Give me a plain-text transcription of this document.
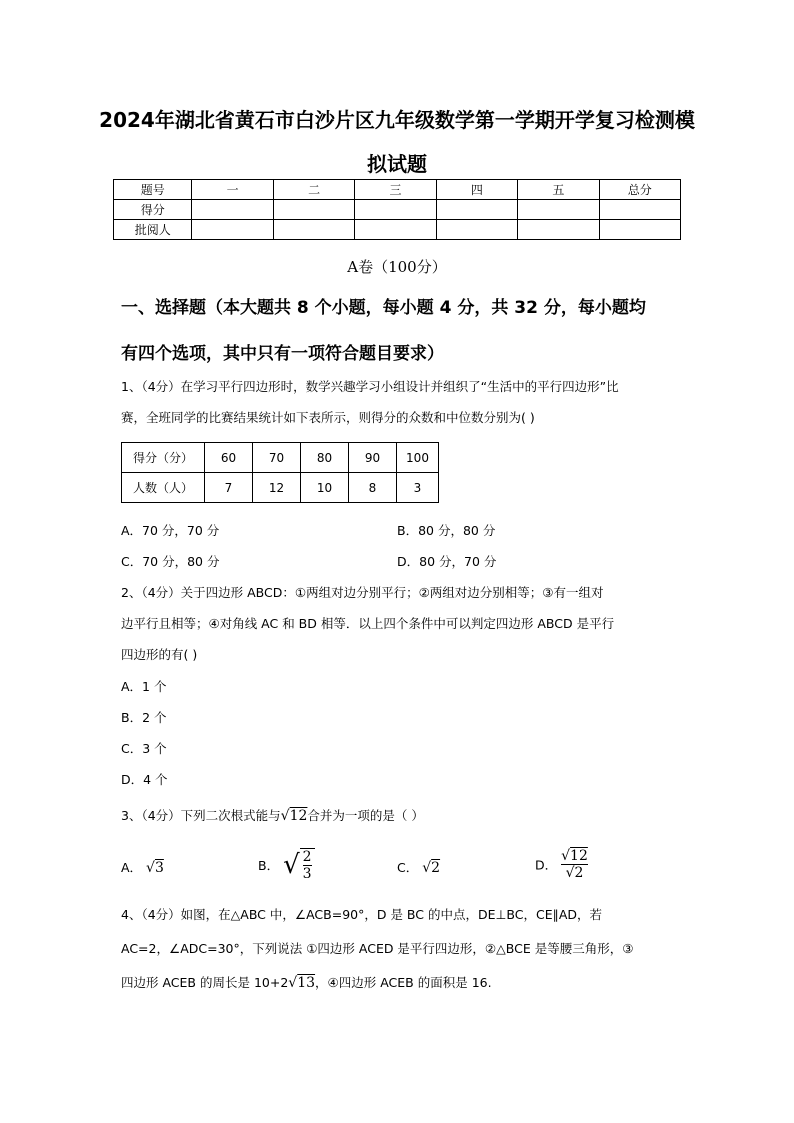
2024年湖北省黄石市白沙片区九年级数学第一学期开学复习检测模
拟试题
题号	一	二	三	四	五	总分
得分						
批阅人						
A卷（100分）
一、选择题（本大题共 8 个小题，每小题 4 分，共 32 分，每小题均
有四个选项，其中只有一项符合题目要求）
1、（4分）在学习平行四边形时，数学兴趣学习小组设计并组织了“生活中的平行四边形”比
赛，全班同学的比赛结果统计如下表所示，则得分的众数和中位数分别为( )
得分（分）	60	70	80	90	100
人数（人）	7	12	10	8	3
A．70 分，70 分	B．80 分，80 分
C．70 分，80 分	D．80 分，70 分
2、（4分）关于四边形 ABCD：①两组对边分别平行；②两组对边分别相等；③有一组对
边平行且相等；④对角线 AC 和 BD 相等．以上四个条件中可以判定四边形 ABCD 是平行
四边形的有( )
A．1 个
B．2 个
C．3 个
D．4 个
3、（4分）下列二次根式能与√12合并为一项的是（ ）
A． √3	B． √ $\frac{2}{3}$	C． √2	D． $\frac{√12}{√2}$
4、（4分）如图，在△ABC 中，∠ACB=90°，D 是 BC 的中点，DE⊥BC，CE∥AD，若
AC=2，∠ADC=30°，下列说法 ①四边形 ACED 是平行四边形，②△BCE 是等腰三角形，③
四边形 ACEB 的周长是 10+2√13，④四边形 ACEB 的面积是 16.
